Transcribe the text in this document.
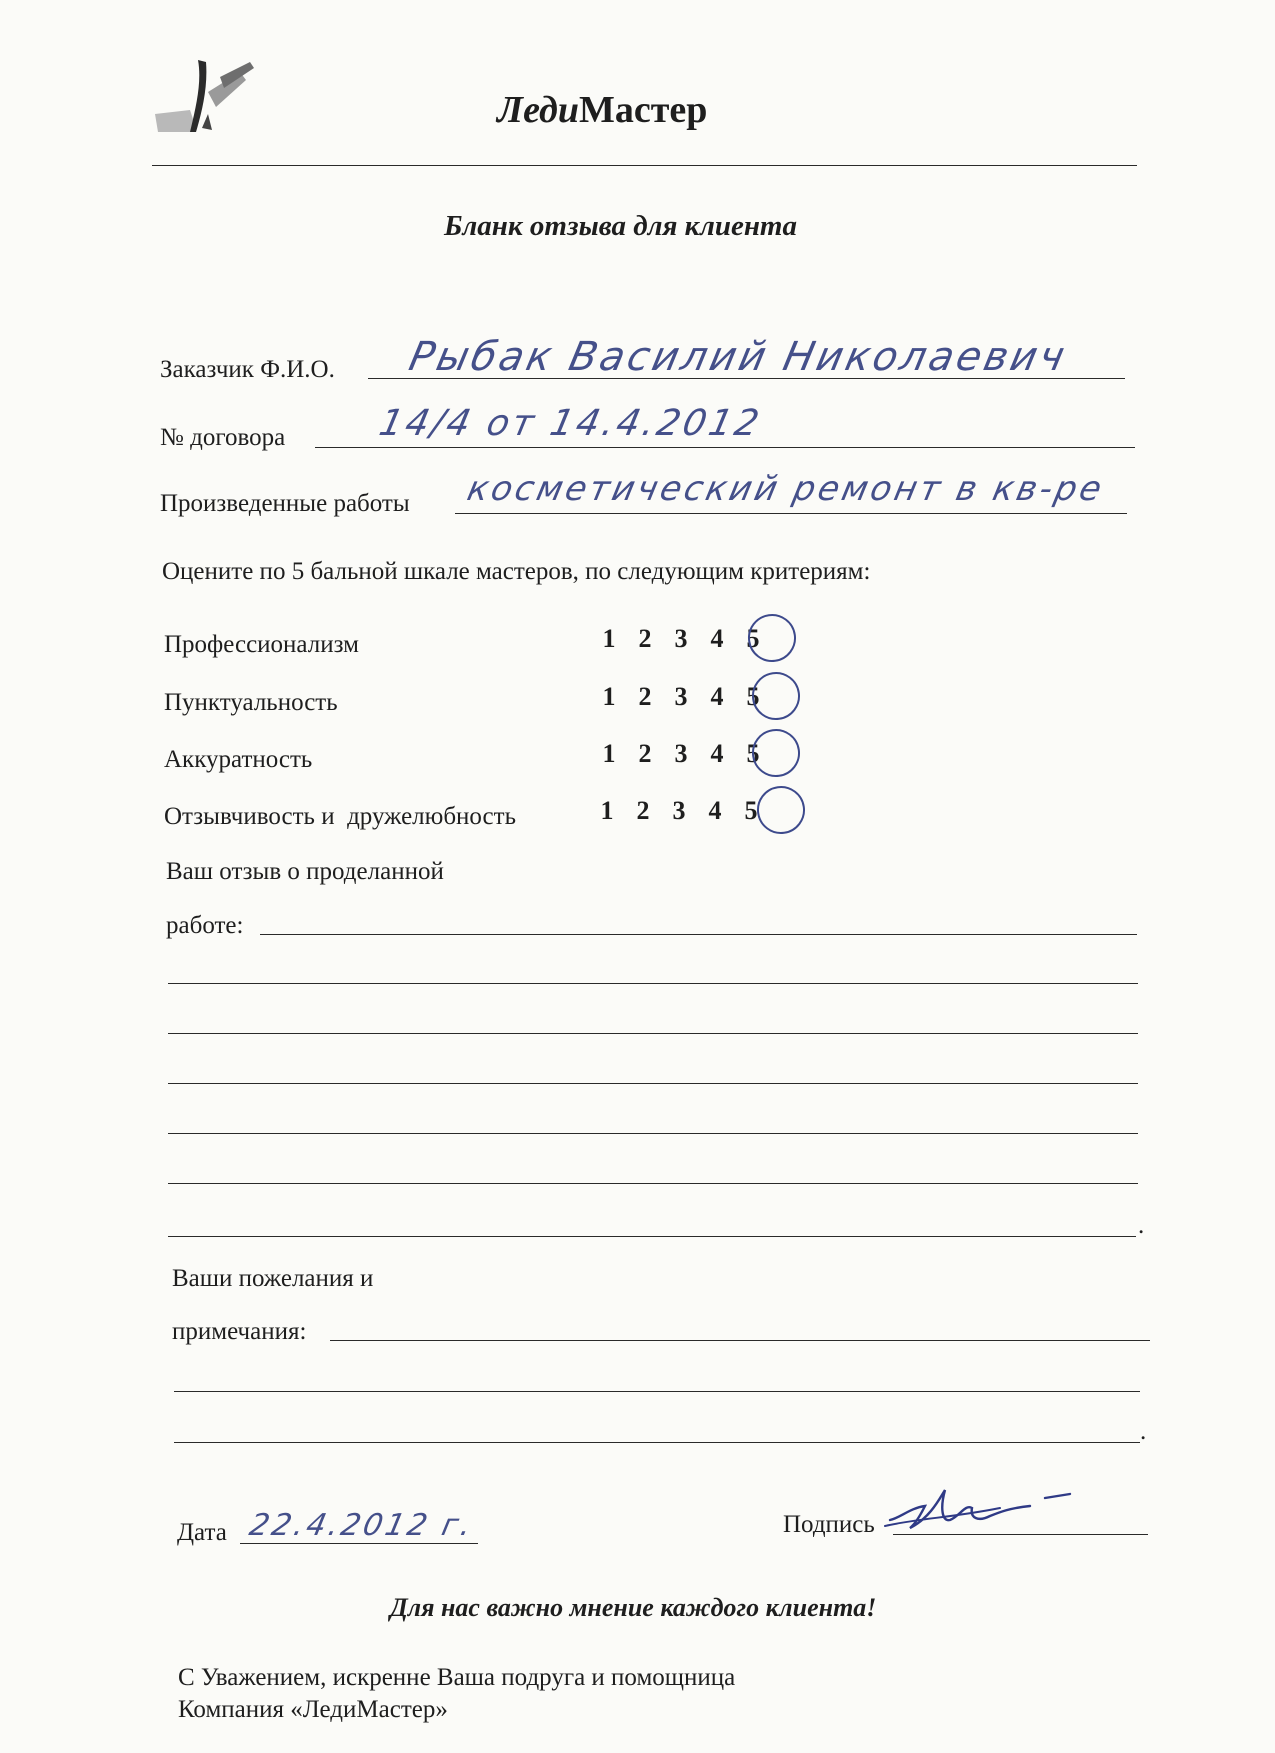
ЛедиМастер
Бланк отзыва для клиента
Заказчик Ф.И.О. Рыбак Василий Николаевич
№ договора	14/4 от 14.4.2012
Произведенные работы косметический ремонт в кв-ре
Оцените по 5 бальной шкале мастеров, по следующим критериям:
Профессионализм	1 2 3 4 5
Пунктуальность	1 2 3 4 5
Аккуратность	1 2 3 4 5
Отзывчивость и  дружелюбность	1 2 3 4 5
Ваш отзыв о проделанной
работе:
.
Ваши пожелания и
примечания:
.
Дата 22.4.2012 г.	Подпись
Для нас важно мнение каждого клиента!
С Уважением, искренне Ваша подруга и помощница
Компания «ЛедиМастер»
